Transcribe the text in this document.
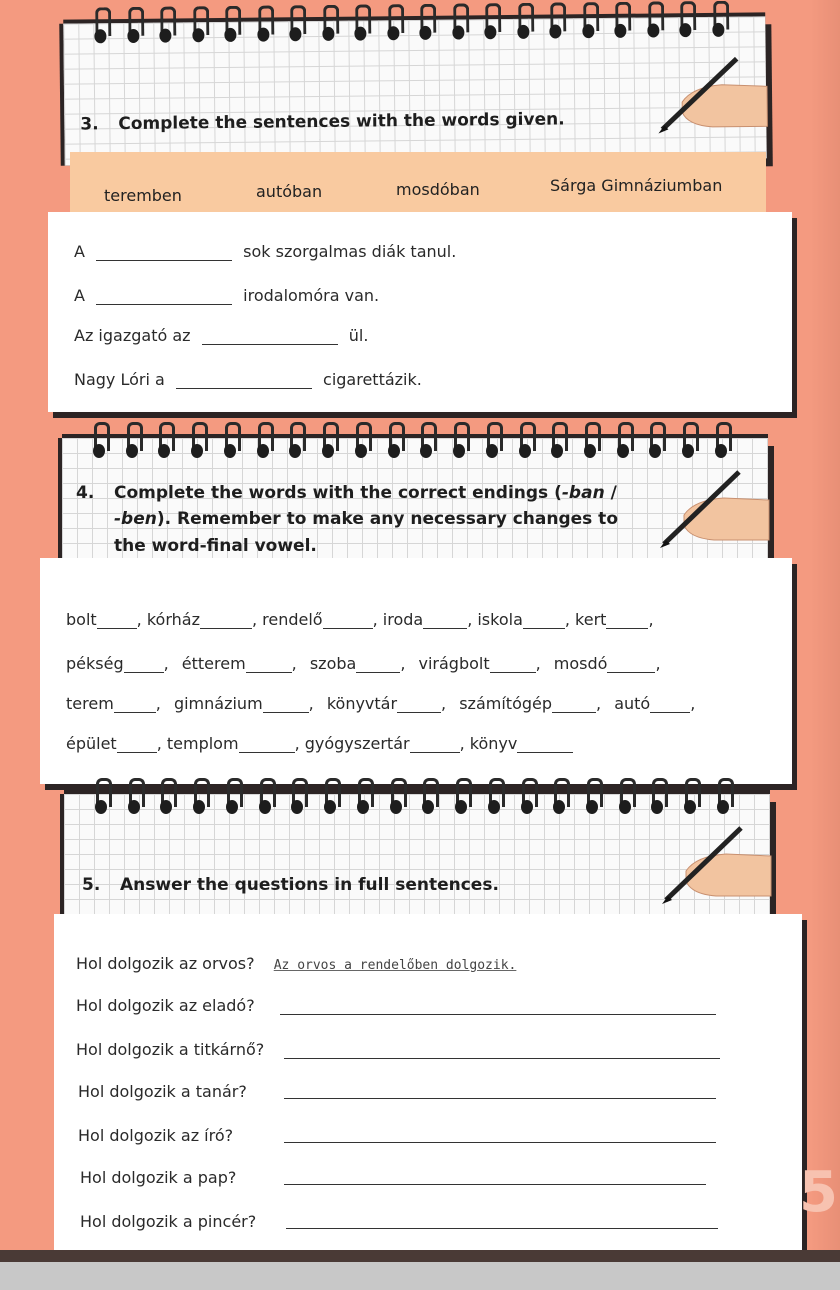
3. Complete the sentences with the words given.
teremben	autóban	mosdóban	Sárga Gimnáziumban
A	sok szorgalmas diák tanul.
A	irodalomóra van.
Az igazgató az	ül.
Nagy Lóri a	cigarettázik.
4. Complete the words with the correct endings (-ban /
-ben). Remember to make any necessary changes to
the word-final vowel.
bolt	, kórház	, rendelő	, iroda	, iskola	, kert	,
pékség	, étterem	, szoba	, virágbolt	, mosdó	,
terem	, gimnázium	, könyvtár	, számítógép	, autó	,
épület	, templom	, gyógyszertár	, könyv
5. Answer the questions in full sentences.
Hol dolgozik az orvos? Az orvos a rendelőben dolgozik.
Hol dolgozik az eladó?
Hol dolgozik a titkárnő?
Hol dolgozik a tanár?
Hol dolgozik az író?
Hol dolgozik a pap?
Hol dolgozik a pincér?	5
